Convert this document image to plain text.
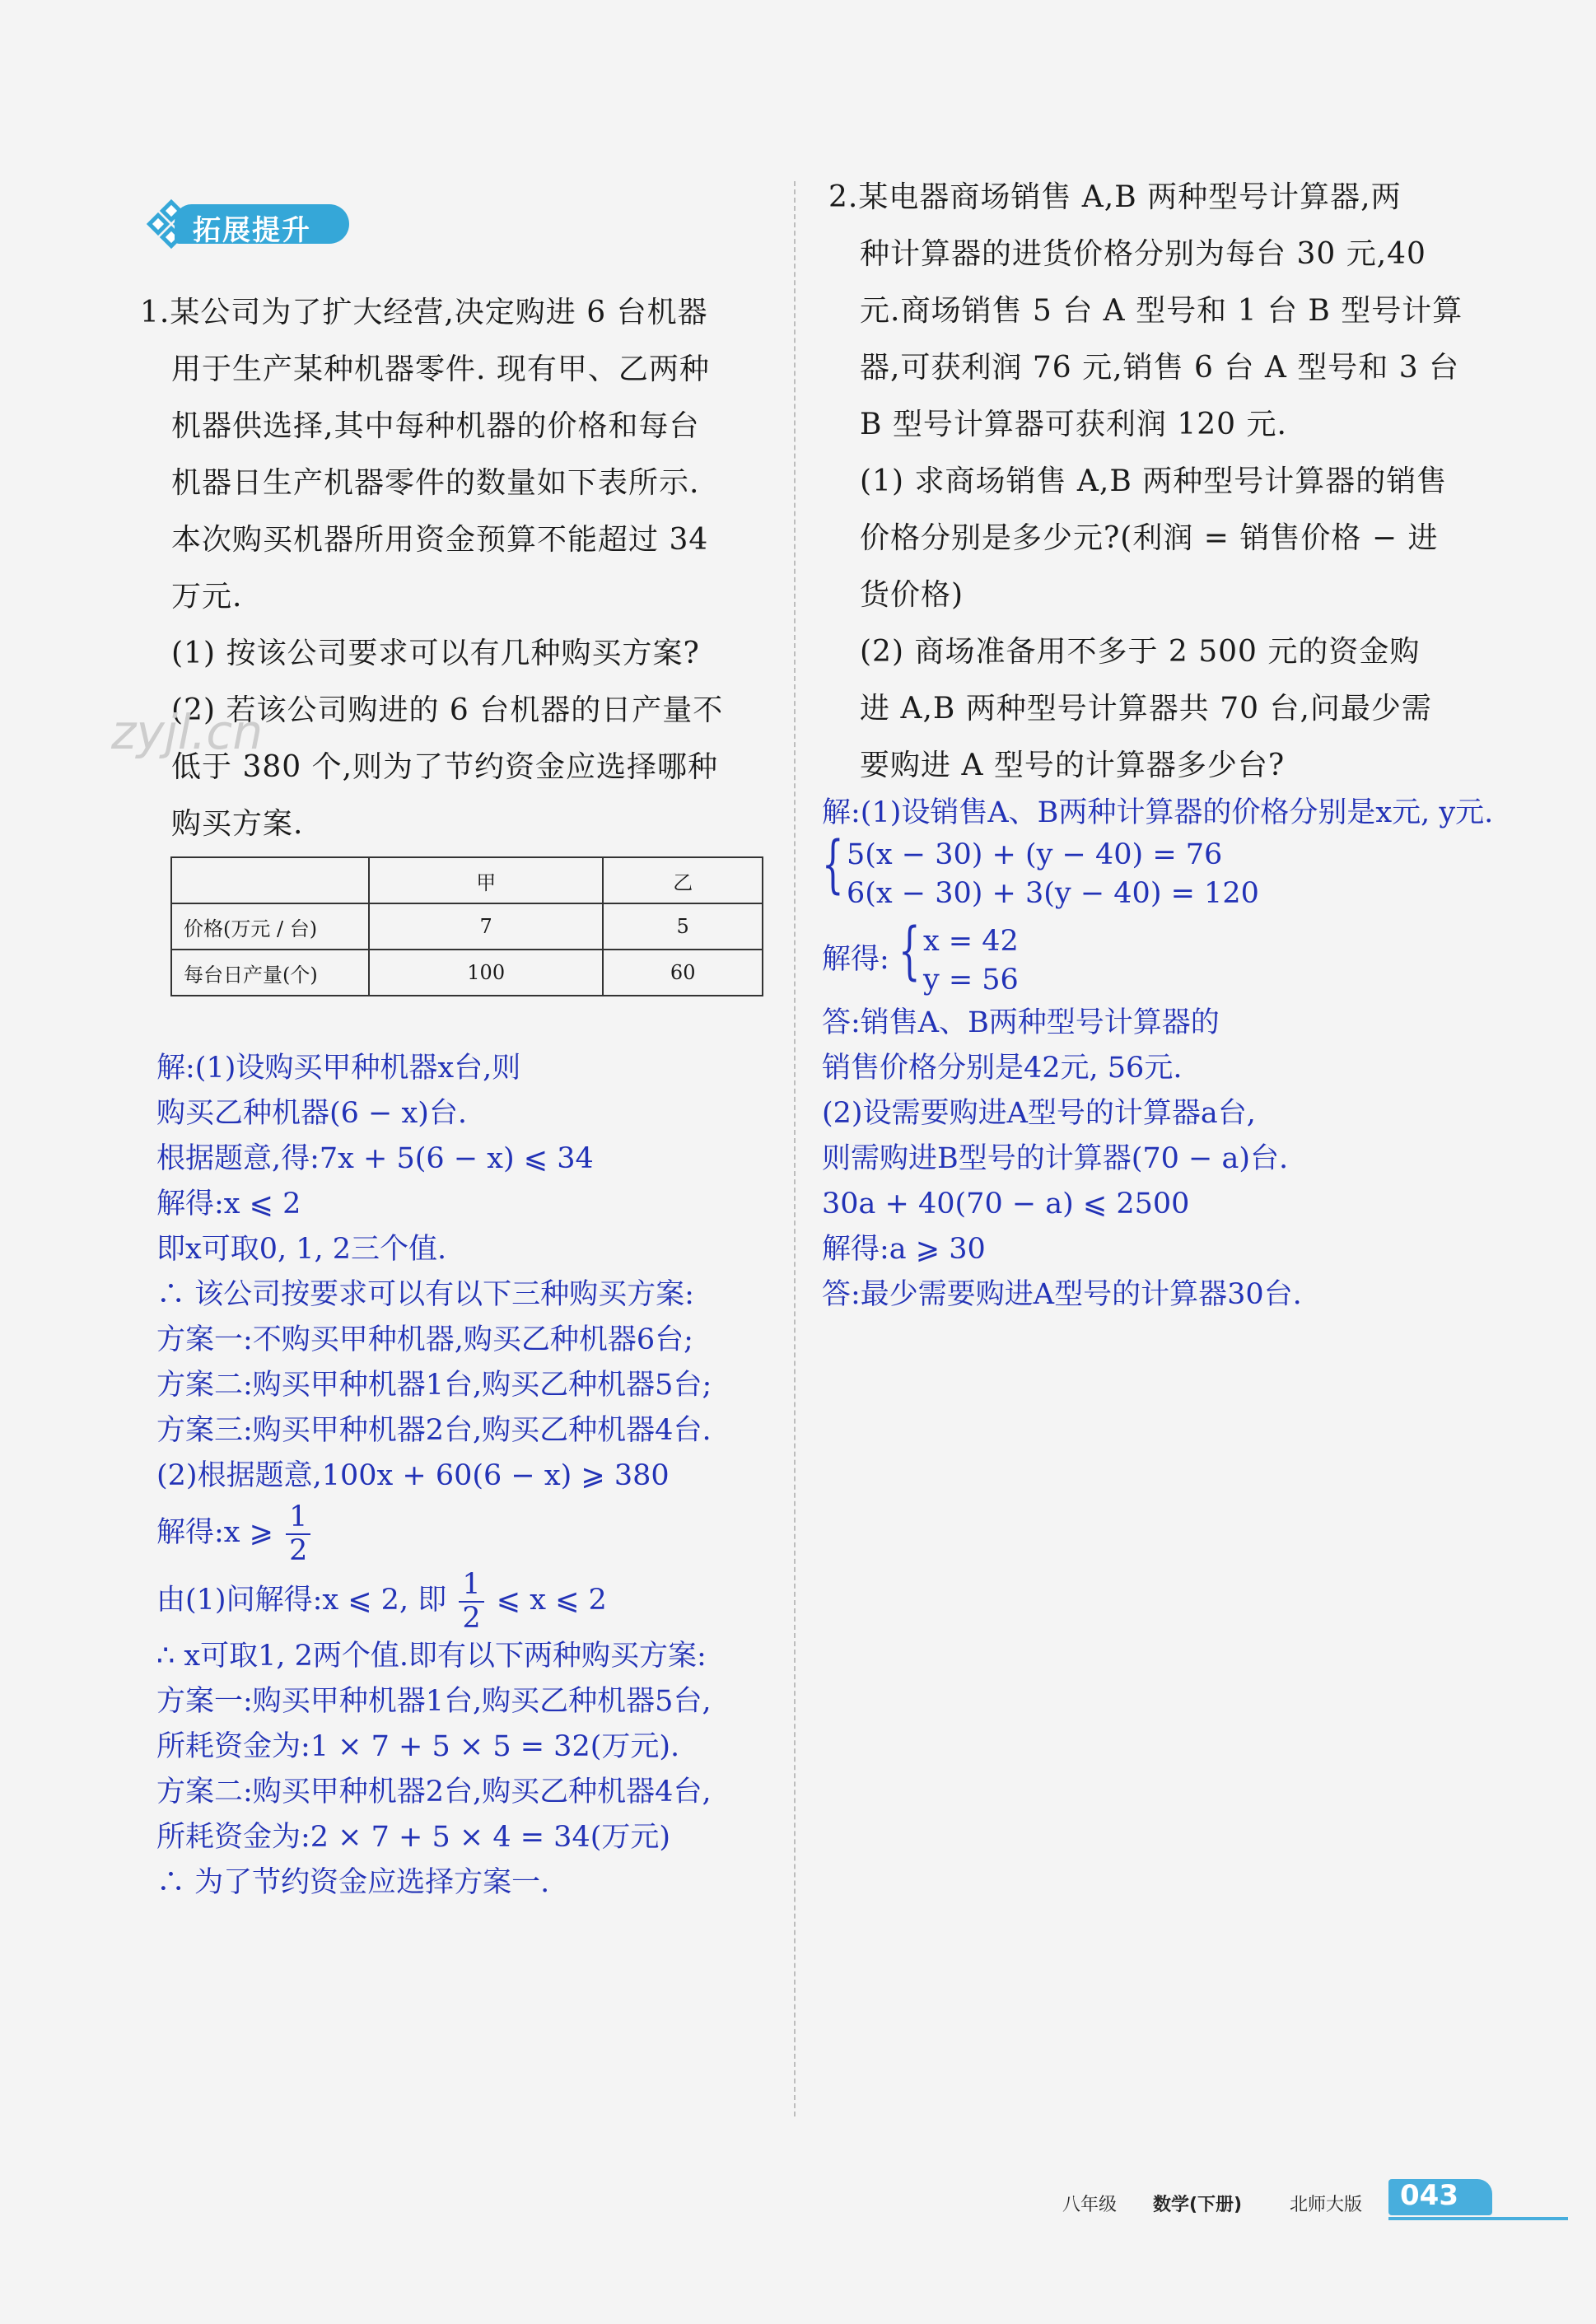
拓展提升
1.某公司为了扩大经营,决定购进 6 台机器
用于生产某种机器零件. 现有甲、乙两种
机器供选择,其中每种机器的价格和每台
机器日生产机器零件的数量如下表所示.
本次购买机器所用资金预算不能超过 34
万元.
(1) 按该公司要求可以有几种购买方案?
(2) 若该公司购进的 6 台机器的日产量不
低于 380 个,则为了节约资金应选择哪种
购买方案.
zyjl.cn
	甲	乙
价格(万元 / 台)	7	5
每台日产量(个)	100	60
解:(1)设购买甲种机器x台,则
购买乙种机器(6 − x)台.
根据题意,得:7x + 5(6 − x) ⩽ 34
解得:x ⩽ 2
即x可取0, 1, 2三个值.
∴ 该公司按要求可以有以下三种购买方案:
方案一:不购买甲种机器,购买乙种机器6台;
方案二:购买甲种机器1台,购买乙种机器5台;
方案三:购买甲种机器2台,购买乙种机器4台.
(2)根据题意,100x + 60(6 − x) ⩾ 380
解得:x ⩾ $\frac{1}{2}$
由(1)问解得:x ⩽ 2, 即 $\frac{1}{2}$ ⩽ x ⩽ 2
∴ x可取1, 2两个值.即有以下两种购买方案:
方案一:购买甲种机器1台,购买乙种机器5台,
所耗资金为:1 × 7 + 5 × 5 = 32(万元).
方案二:购买甲种机器2台,购买乙种机器4台,
所耗资金为:2 × 7 + 5 × 4 = 34(万元)
∴ 为了节约资金应选择方案一.
2.某电器商场销售 A,B 两种型号计算器,两
种计算器的进货价格分别为每台 30 元,40
元.商场销售 5 台 A 型号和 1 台 B 型号计算
器,可获利润 76 元,销售 6 台 A 型号和 3 台
B 型号计算器可获利润 120 元.
(1) 求商场销售 A,B 两种型号计算器的销售
价格分别是多少元?(利润 = 销售价格 − 进
货价格)
(2) 商场准备用不多于 2 500 元的资金购
进 A,B 两种型号计算器共 70 台,问最少需
要购进 A 型号的计算器多少台?
解:(1)设销售A、B两种计算器的价格分别是x元, y元.
{ 5(x − 30) + (y − 40) = 76
6(x − 30) + 3(y − 40) = 120
解得: { x = 42
y = 56
答:销售A、B两种型号计算器的
销售价格分别是42元, 56元.
(2)设需要购进A型号的计算器a台,
则需购进B型号的计算器(70 − a)台.
30a + 40(70 − a) ⩽ 2500
解得:a ⩾ 30
答:最少需要购进A型号的计算器30台.
八年级 数学(下册)	北师大版 043
